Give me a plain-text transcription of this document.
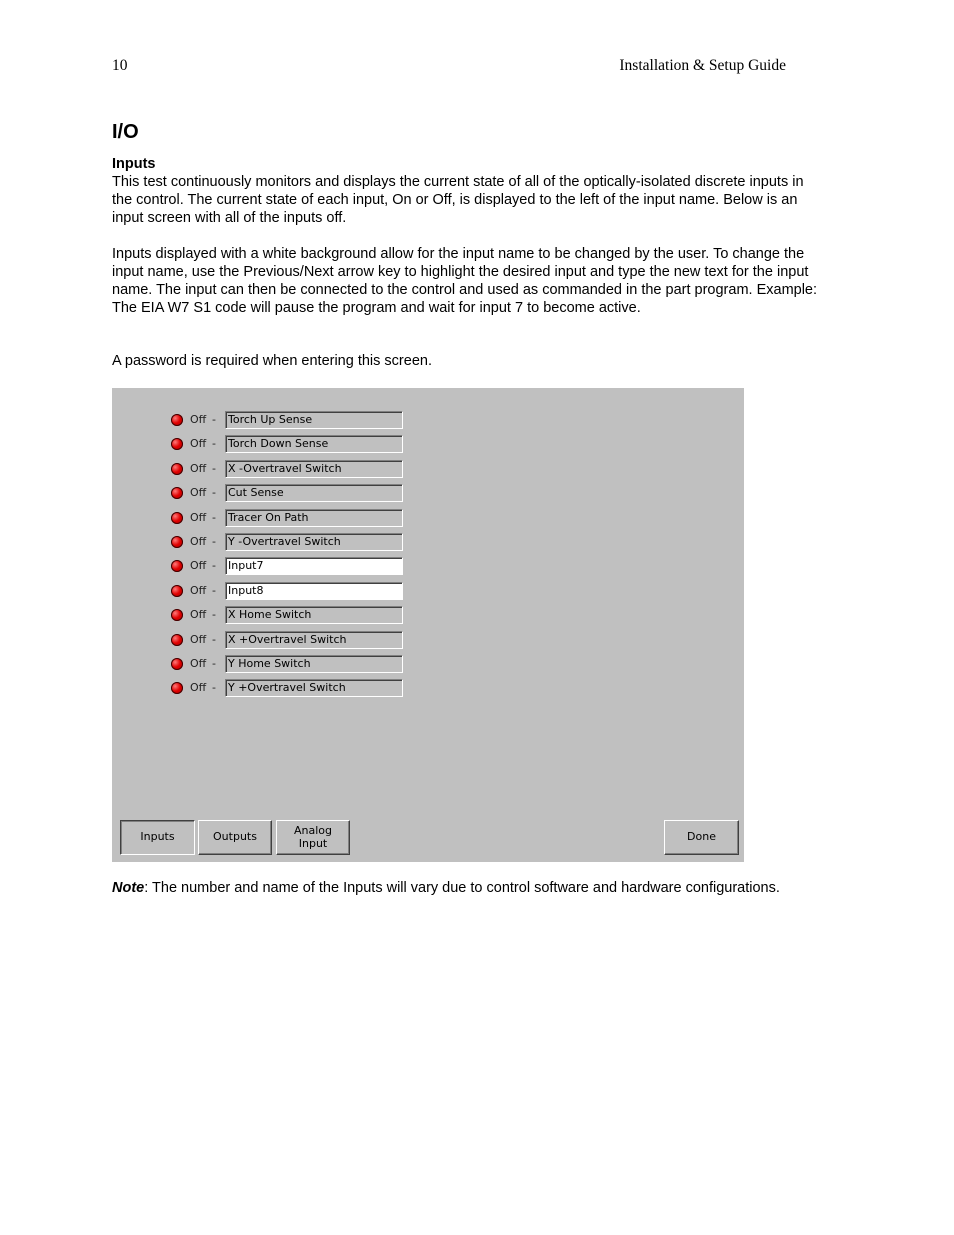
10	Installation & Setup Guide
I/O
Inputs

This test continuously monitors and displays the current state of all of the optically-isolated discrete inputs in the control. The current state of each input, On or Off, is displayed to the left of the input name. Below is an input screen with all of the inputs off.

Inputs displayed with a white background allow for the input name to be changed by the user. To change the input name, use the Previous/Next arrow key to highlight the desired input and type the new text for the input name. The input can then be connected to the control and used as commanded in the part program. Example: The EIA W7 S1 code will pause the program and wait for input 7 to become active.

A password is required when entering this screen.

Off - Torch Up Sense
Off - Torch Down Sense
Off - X -Overtravel Switch
Off - Cut Sense
Off - Tracer On Path
Off - Y -Overtravel Switch
Off - Input7
Off - Input8
Off - X Home Switch
Off - X +Overtravel Switch
Off - Y Home Switch
Off - Y +Overtravel Switch
Inputs	Outputs	Analog
Input	Done

Note: The number and name of the Inputs will vary due to control software and hardware configurations.
